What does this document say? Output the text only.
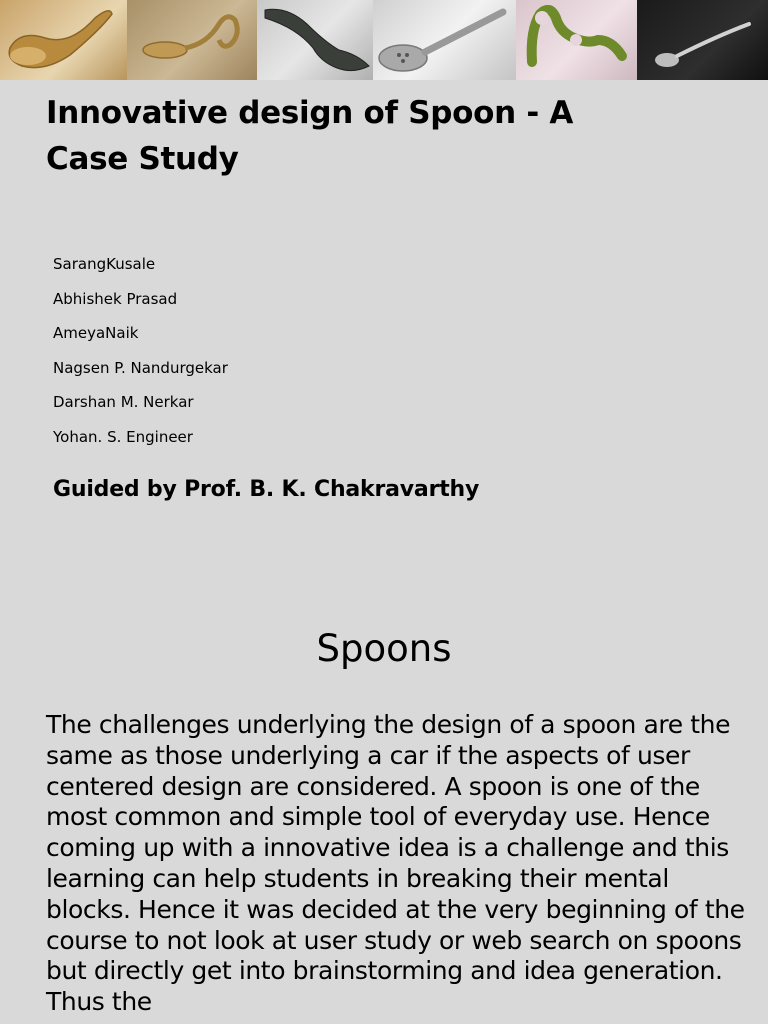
Innovative design of Spoon - A Case Study
SarangKusale
Abhishek Prasad
AmeyaNaik
Nagsen P. Nandurgekar
Darshan M. Nerkar
Yohan. S. Engineer
Guided by Prof. B. K. Chakravarthy
Spoons
The challenges underlying the design of a spoon are the same as those underlying a car if the aspects of user centered design are considered. A spoon is one of the most common and simple tool of everyday use. Hence coming up with a innovative idea is a challenge and this learning can help students in breaking their mental blocks. Hence it was decided at the very beginning of the course to not look at user study or web search on spoons but directly get into brainstorming and idea generation. Thus the
